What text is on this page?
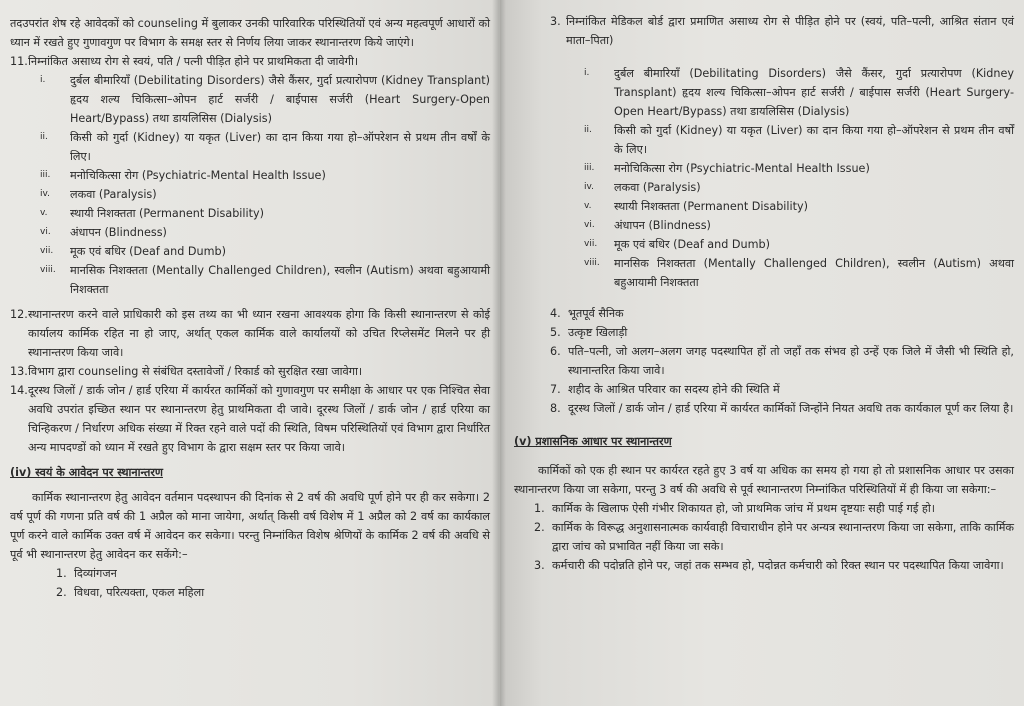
तदउपरांत शेष रहे आवेदकों को counseling में बुलाकर उनकी पारिवारिक परिस्थितियों एवं अन्य महत्वपूर्ण आधारों को ध्यान में रखते हुए गुणावगुण पर विभाग के समक्ष स्तर से निर्णय लिया जाकर स्थानान्तरण किये जाएंगे।

11. निम्नांकित असाध्य रोग से स्वयं, पति / पत्नी पीड़ित होने पर प्राथमिकता दी जावेगी।
i.	दुर्बल बीमारियाँ (Debilitating Disorders) जैसे कैंसर, गुर्दा प्रत्यारोपण (Kidney Transplant) हृदय शल्य चिकित्सा–ओपन हार्ट सर्जरी / बाईपास सर्जरी (Heart Surgery-Open Heart/Bypass) तथा डायलिसिस (Dialysis)
ii.	किसी को गुर्दा (Kidney) या यकृत (Liver) का दान किया गया हो–ऑपरेशन से प्रथम तीन वर्षों के लिए।
iii.	मनोचिकित्सा रोग (Psychiatric-Mental Health Issue)
iv.	लकवा (Paralysis)
v.	स्थायी निशक्तता (Permanent Disability)
vi.	अंधापन (Blindness)
vii.	मूक एवं बधिर (Deaf and Dumb)
viii.	मानसिक निशक्तता (Mentally Challenged Children), स्वलीन (Autism) अथवा बहुआयामी निशक्तता
12. स्थानान्तरण करने वाले प्राधिकारी को इस तथ्य का भी ध्यान रखना आवश्यक होगा कि किसी स्थानान्तरण से कोई कार्यालय कार्मिक रहित ना हो जाए, अर्थात् एकल कार्मिक वाले कार्यालयों को उचित रिप्लेसमेंट मिलने पर ही स्थानान्तरण किया जावे।
13. विभाग द्वारा counseling से संबंधित दस्तावेजों / रिकार्ड को सुरक्षित रखा जावेगा।
14. दूरस्थ जिलों / डार्क जोन / हार्ड एरिया में कार्यरत कार्मिकों को गुणावगुण पर समीक्षा के आधार पर एक निश्चित सेवा अवधि उपरांत इच्छित स्थान पर स्थानान्तरण हेतु प्राथमिकता दी जावे। दूरस्थ जिलों / डार्क जोन / हार्ड एरिया का चिन्हिकरण / निर्धारण अधिक संख्या में रिक्त रहने वाले पदों की स्थिति, विषम परिस्थितियों एवं विभाग द्वारा निर्धारित अन्य मापदण्डों को ध्यान में रखते हुए विभाग के द्वारा सक्षम स्तर पर किया जावे।

(iv) स्वयं के आवेदन पर स्थानान्तरण

कार्मिक स्थानान्तरण हेतु आवेदन वर्तमान पदस्थापन की दिनांक से 2 वर्ष की अवधि पूर्ण होने पर ही कर सकेगा। 2 वर्ष पूर्ण की गणना प्रति वर्ष की 1 अप्रैल को माना जायेगा, अर्थात् किसी वर्ष विशेष में 1 अप्रैल को 2 वर्ष का कार्यकाल पूर्ण करने वाले कार्मिक उक्त वर्ष में आवेदन कर सकेगा। परन्तु निम्नांकित विशेष श्रेणियों के कार्मिक 2 वर्ष की अवधि से पूर्व भी स्थानान्तरण हेतु आवेदन कर सकेंगे:–

1. दिव्यांगजन
2. विधवा, परित्यक्ता, एकल महिला
3. निम्नांकित मेडिकल बोर्ड द्वारा प्रमाणित असाध्य रोग से पीड़ित होने पर (स्वयं, पति–पत्नी, आश्रित संतान एवं माता–पिता)
i.	दुर्बल बीमारियाँ (Debilitating Disorders) जैसे कैंसर, गुर्दा प्रत्यारोपण (Kidney Transplant) हृदय शल्य चिकित्सा–ओपन हार्ट सर्जरी / बाईपास सर्जरी (Heart Surgery-Open Heart/Bypass) तथा डायलिसिस (Dialysis)
ii.	किसी को गुर्दा (Kidney) या यकृत (Liver) का दान किया गया हो–ऑपरेशन से प्रथम तीन वर्षों के लिए।
iii.	मनोचिकित्सा रोग (Psychiatric-Mental Health Issue)
iv.	लकवा (Paralysis)
v.	स्थायी निशक्तता (Permanent Disability)
vi.	अंधापन (Blindness)
vii.	मूक एवं बधिर (Deaf and Dumb)
viii.	मानसिक निशक्तता (Mentally Challenged Children), स्वलीन (Autism) अथवा बहुआयामी निशक्तता
4. भूतपूर्व सैनिक
5. उत्कृष्ट खिलाड़ी
6. पति–पत्नी, जो अलग–अलग जगह पदस्थापित हों तो जहाँ तक संभव हो उन्हें एक जिले में जैसी भी स्थिति हो, स्थानान्तरित किया जावे।
7. शहीद के आश्रित परिवार का सदस्य होने की स्थिति में
8. दूरस्थ जिलों / डार्क जोन / हार्ड एरिया में कार्यरत कार्मिकों जिन्होंने नियत अवधि तक कार्यकाल पूर्ण कर लिया है।

(v) प्रशासनिक आधार पर स्थानान्तरण

कार्मिकों को एक ही स्थान पर कार्यरत रहते हुए 3 वर्ष या अधिक का समय हो गया हो तो प्रशासनिक आधार पर उसका स्थानान्तरण किया जा सकेगा, परन्तु 3 वर्ष की अवधि से पूर्व स्थानान्तरण निम्नांकित परिस्थितियों में ही किया जा सकेगा:–

1. कार्मिक के खिलाफ ऐसी गंभीर शिकायत हो, जो प्राथमिक जांच में प्रथम दृष्टयाः सही पाई गई हो।
2. कार्मिक के विरूद्ध अनुशासनात्मक कार्यवाही विचाराधीन होने पर अन्यत्र स्थानान्तरण किया जा सकेगा, ताकि कार्मिक द्वारा जांच को प्रभावित नहीं किया जा सके।
3. कर्मचारी की पदोन्नति होने पर, जहां तक सम्भव हो, पदोन्नत कर्मचारी को रिक्त स्थान पर पदस्थापित किया जावेगा।
